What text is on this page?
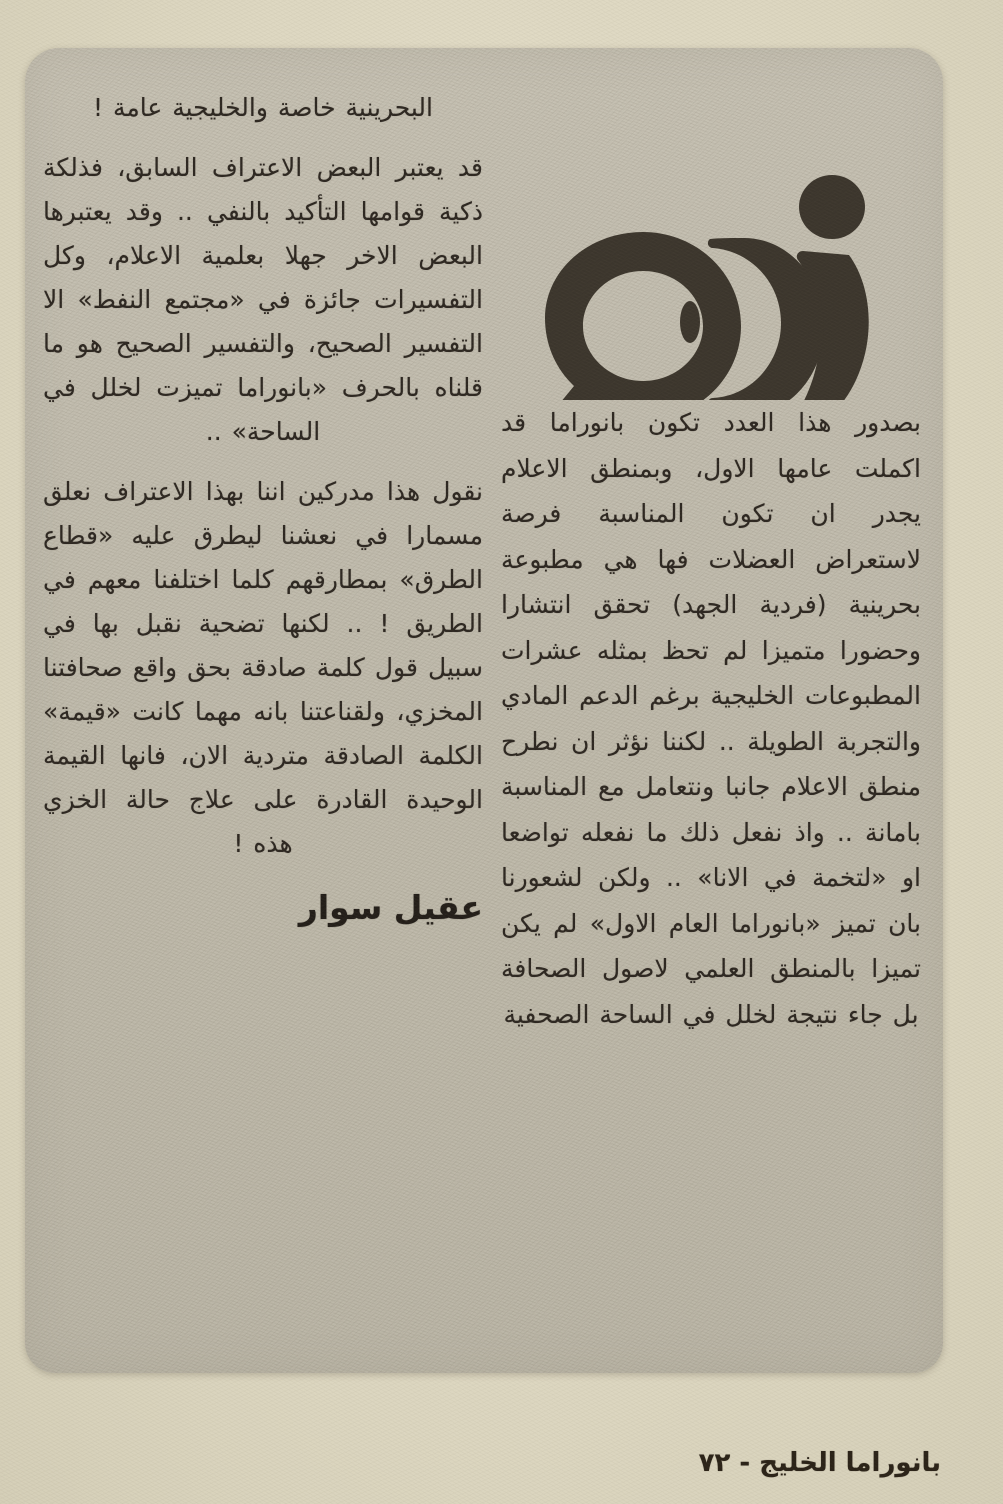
بصدور هذا العدد تكون بانوراما قد اكملت عامها الاول، وبمنطق الاعلام يجدر ان تكون المناسبة فرصة لاستعراض العضلات فها هي مطبوعة بحرينية (فردية الجهد) تحقق انتشارا وحضورا متميزا لم تحظ بمثله عشرات المطبوعات الخليجية برغم الدعم المادي والتجربة الطويلة .. لكننا نؤثر ان نطرح منطق الاعلام جانبا ونتعامل مع المناسبة بامانة .. واذ نفعل ذلك ما نفعله تواضعا او «لتخمة في الانا» .. ولكن لشعورنا بان تميز «بانوراما العام الاول» لم يكن تميزا بالمنطق العلمي لاصول الصحافة بل جاء نتيجة لخلل في الساحة الصحفية

البحرينية خاصة والخليجية عامة !

قد يعتبر البعض الاعتراف السابق، فذلكة ذكية قوامها التأكيد بالنفي .. وقد يعتبرها البعض الاخر جهلا بعلمية الاعلام، وكل التفسيرات جائزة في «مجتمع النفط» الا التفسير الصحيح، والتفسير الصحيح هو ما قلناه بالحرف «بانوراما تميزت لخلل في الساحة» ..

نقول هذا مدركين اننا بهذا الاعتراف نعلق مسمارا في نعشنا ليطرق عليه «قطاع الطرق» بمطارقهم كلما اختلفنا معهم في الطريق ! .. لكنها تضحية نقبل بها في سبيل قول كلمة صادقة بحق واقع صحافتنا المخزي، ولقناعتنا بانه مهما كانت «قيمة» الكلمة الصادقة متردية الان، فانها القيمة الوحيدة القادرة على علاج حالة الخزي هذه !

عقيل سوار

بانوراما الخليج - ٧٢
